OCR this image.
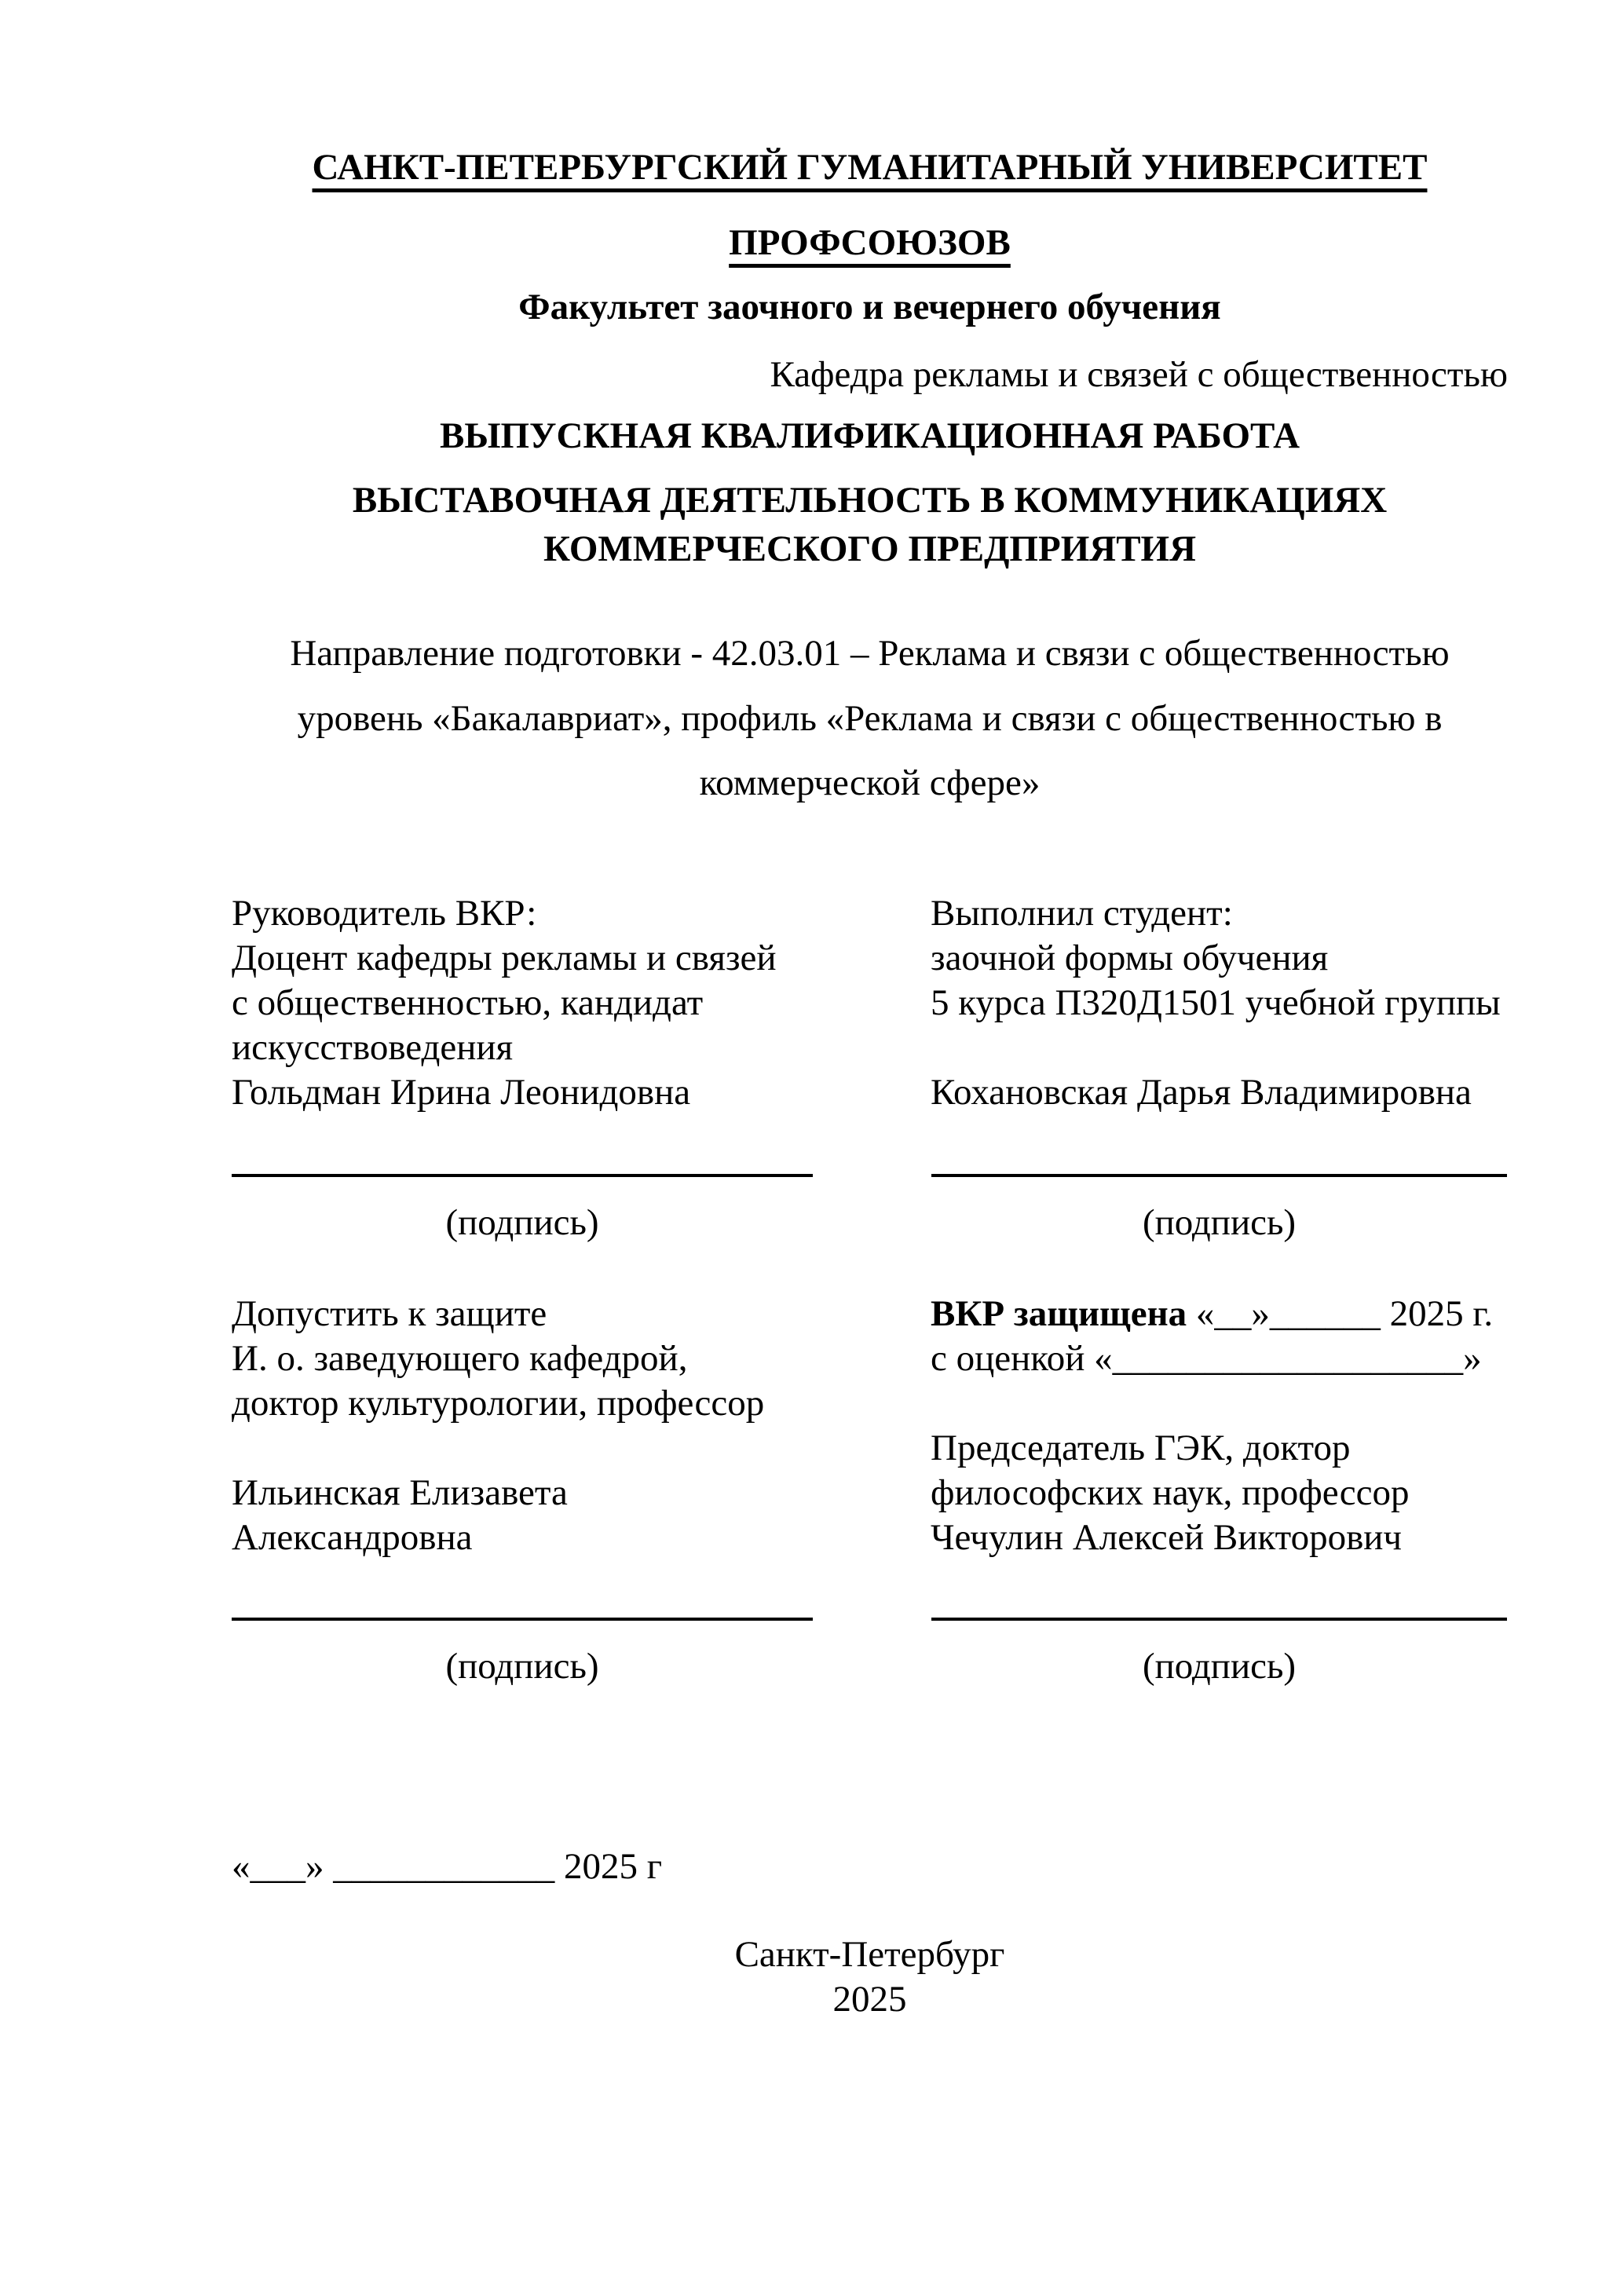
САНКТ-ПЕТЕРБУРГСКИЙ ГУМАНИТАРНЫЙ УНИВЕРСИТЕТ
ПРОФСОЮЗОВ
Факультет заочного и вечернего обучения
Кафедра рекламы и связей с общественностью
ВЫПУСКНАЯ КВАЛИФИКАЦИОННАЯ РАБОТА
ВЫСТАВОЧНАЯ ДЕЯТЕЛЬНОСТЬ В КОММУНИКАЦИЯХ
КОММЕРЧЕСКОГО ПРЕДПРИЯТИЯ
Направление подготовки - 42.03.01 – Реклама и связи с общественностью
уровень «Бакалавриат», профиль «Реклама и связи с общественностью в
коммерческой сфере»
Руководитель ВКР:
Доцент кафедры рекламы и связей
с общественностью, кандидат
искусствоведения
Гольдман Ирина Леонидовна
Выполнил студент:
заочной формы обучения
5 курса П320Д1501 учебной группы
Кохановская Дарья Владимировна
(подпись)	(подпись)
Допустить к защите
И. о. заведующего кафедрой,
доктор культурологии, профессор
Ильинская Елизавета
Александровна
ВКР защищена «__»______ 2025 г.
с оценкой «___________________»
Председатель ГЭК, доктор
философских наук, профессор
Чечулин Алексей Викторович
(подпись)	(подпись)
«___» ____________ 2025 г
Санкт-Петербург
2025
